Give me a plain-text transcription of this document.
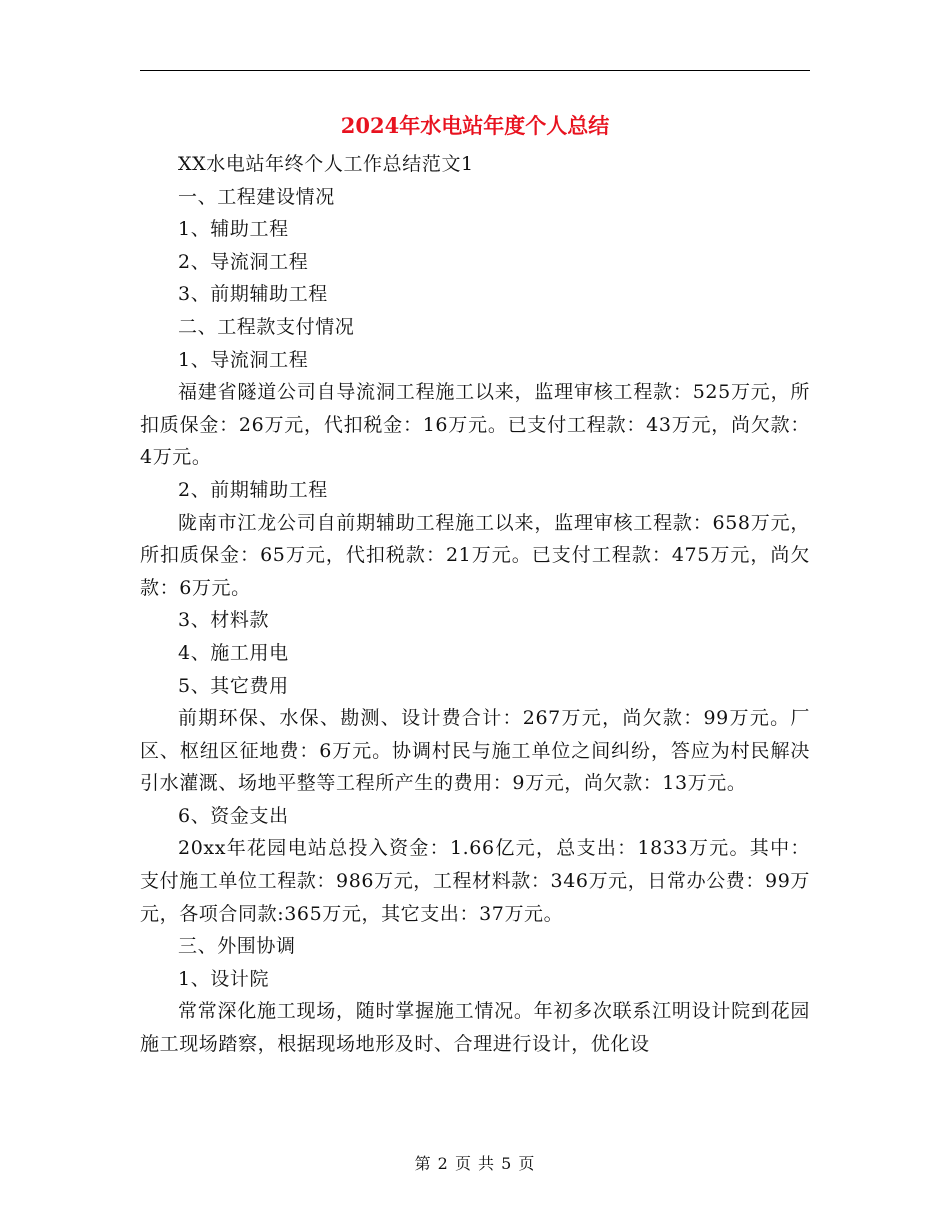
2024年水电站年度个人总结

XX水电站年终个人工作总结范文1

一、工程建设情况

1、辅助工程

2、导流洞工程

3、前期辅助工程

二、工程款支付情况

1、导流洞工程

福建省隧道公司自导流洞工程施工以来，监理审核工程款：525万元，所扣质保金：26万元，代扣税金：16万元。已支付工程款：43万元，尚欠款：4万元。

2、前期辅助工程

陇南市江龙公司自前期辅助工程施工以来，监理审核工程款：658万元，所扣质保金：65万元，代扣税款：21万元。已支付工程款：475万元，尚欠款：6万元。

3、材料款

4、施工用电

5、其它费用

前期环保、水保、勘测、设计费合计：267万元，尚欠款：99万元。厂区、枢纽区征地费：6万元。协调村民与施工单位之间纠纷，答应为村民解决引水灌溉、场地平整等工程所产生的费用：9万元，尚欠款：13万元。

6、资金支出

20xx年花园电站总投入资金：1.66亿元，总支出：1833万元。其中：支付施工单位工程款：986万元，工程材料款：346万元，日常办公费：99万元，各项合同款:365万元，其它支出：37万元。

三、外围协调

1、设计院

常常深化施工现场，随时掌握施工情况。年初多次联系江明设计院到花园施工现场踏察，根据现场地形及时、合理进行设计，优化设

第 2 页 共 5 页
